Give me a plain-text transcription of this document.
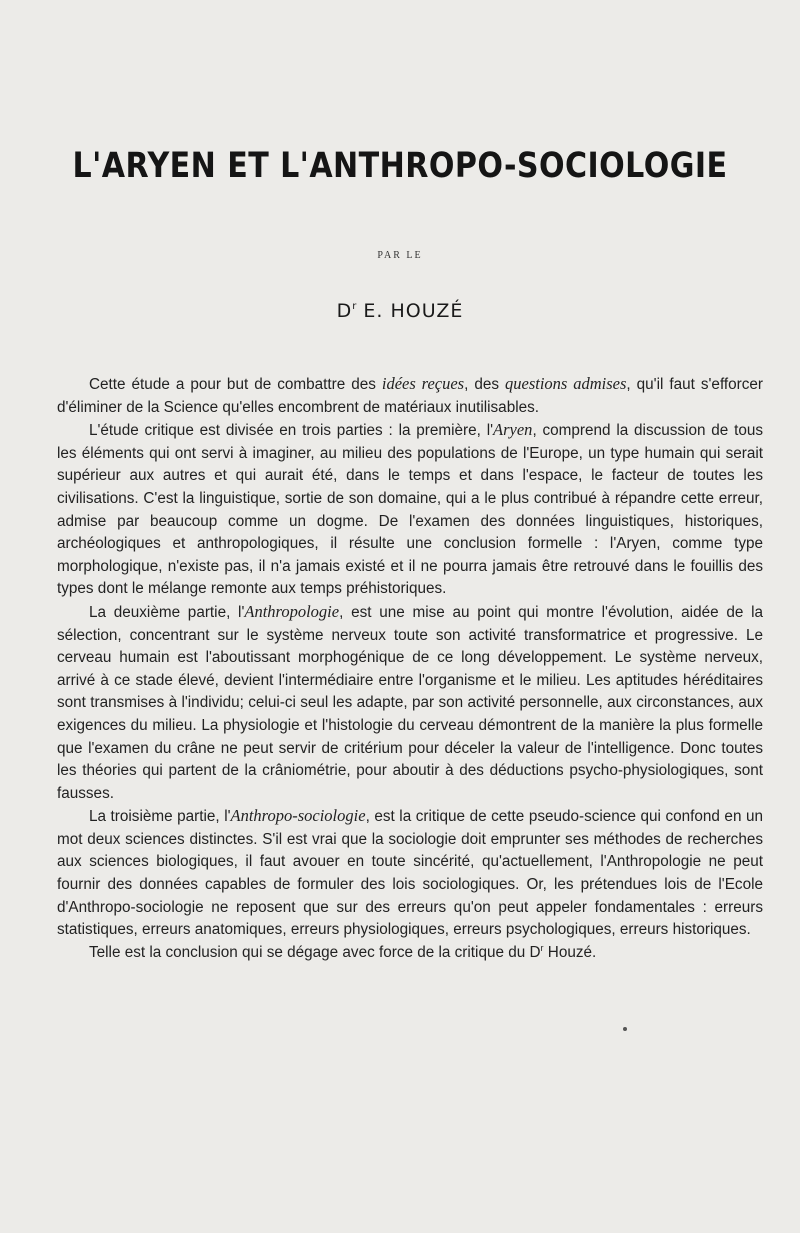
L'ARYEN ET L'ANTHROPO-SOCIOLOGIE
PAR LE
$D^r$ E. HOUZÉ

Cette étude a pour but de combattre des idées reçues, des questions admises, qu'il faut s'efforcer d'éliminer de la Science qu'elles encombrent de matériaux inutilisables.

L'étude critique est divisée en trois parties : la première, l'Aryen, comprend la discussion de tous les éléments qui ont servi à imaginer, au milieu des populations de l'Europe, un type humain qui serait supérieur aux autres et qui aurait été, dans le temps et dans l'espace, le facteur de toutes les civilisations. C'est la linguistique, sortie de son domaine, qui a le plus contribué à répandre cette erreur, admise par beaucoup comme un dogme. De l'examen des données linguistiques, historiques, archéologiques et anthropologiques, il résulte une conclusion formelle : l'Aryen, comme type morphologique, n'existe pas, il n'a jamais existé et il ne pourra jamais être retrouvé dans le fouillis des types dont le mélange remonte aux temps préhistoriques.

La deuxième partie, l'Anthropologie, est une mise au point qui montre l'évolution, aidée de la sélection, concentrant sur le système nerveux toute son activité transformatrice et progressive. Le cerveau humain est l'aboutissant morphogénique de ce long développement. Le système nerveux, arrivé à ce stade élevé, devient l'intermédiaire entre l'organisme et le milieu. Les aptitudes héréditaires sont transmises à l'individu; celui-ci seul les adapte, par son activité personnelle, aux circonstances, aux exigences du milieu. La physiologie et l'histologie du cerveau démontrent de la manière la plus formelle que l'examen du crâne ne peut servir de critérium pour déceler la valeur de l'intelligence. Donc toutes les théories qui partent de la crâniométrie, pour aboutir à des déductions psycho-physiologiques, sont fausses.

La troisième partie, l'Anthropo-sociologie, est la critique de cette pseudo-science qui confond en un mot deux sciences distinctes. S'il est vrai que la sociologie doit emprunter ses méthodes de recherches aux sciences biologiques, il faut avouer en toute sincérité, qu'actuellement, l'Anthropologie ne peut fournir des données capables de formuler des lois sociologiques. Or, les prétendues lois de l'Ecole d'Anthropo-sociologie ne reposent que sur des erreurs qu'on peut appeler fondamentales : erreurs statistiques, erreurs anatomiques, erreurs physiologiques, erreurs psychologiques, erreurs historiques.

Telle est la conclusion qui se dégage avec force de la critique du $D^r$ Houzé.
